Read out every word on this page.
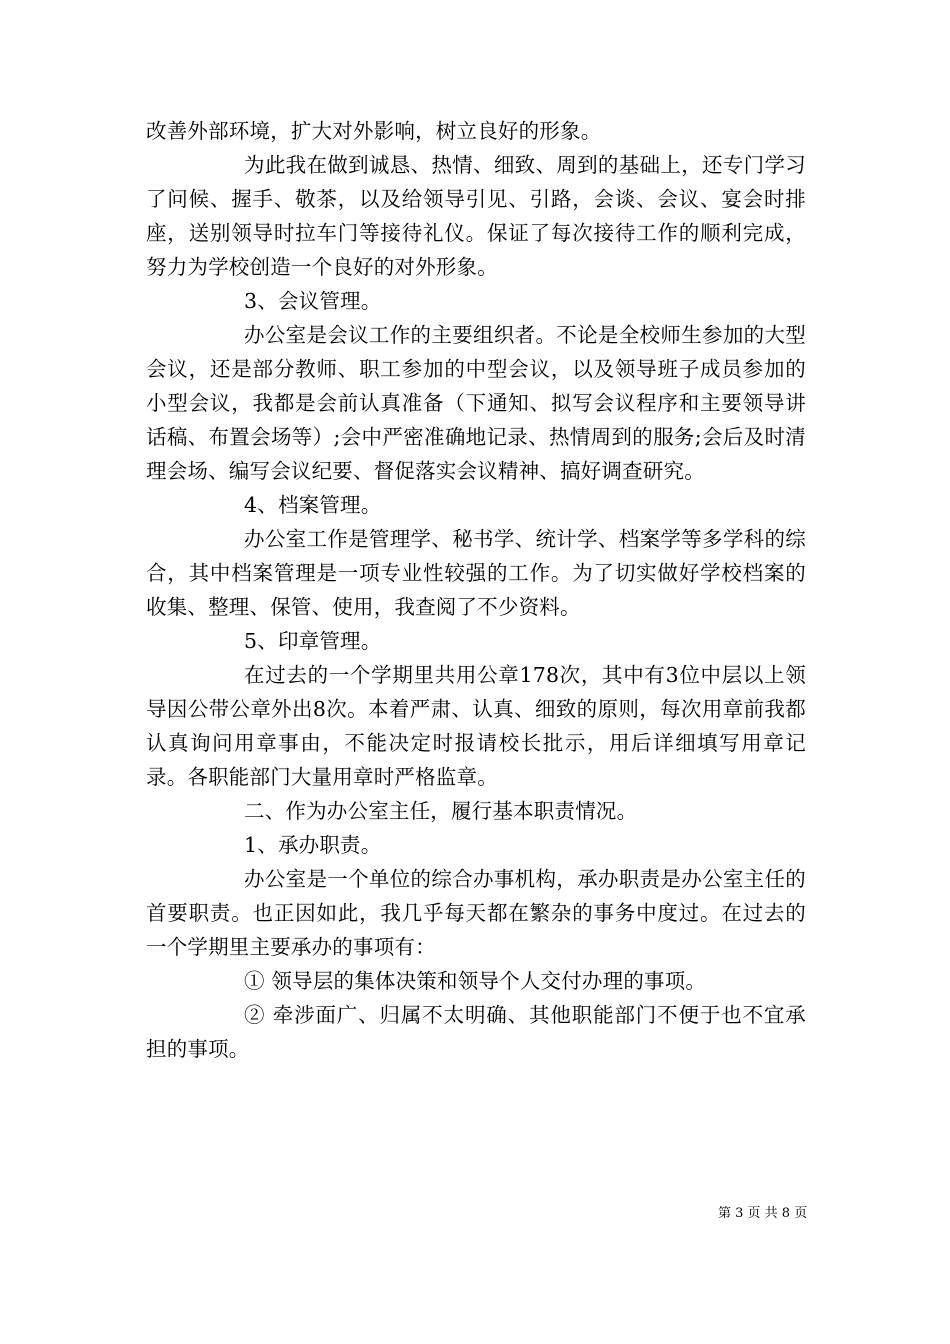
改善外部环境，扩大对外影响，树立良好的形象。

为此我在做到诚恳、热情、细致、周到的基础上，还专门学习了问候、握手、敬茶，以及给领导引见、引路，会谈、会议、宴会时排座，送别领导时拉车门等接待礼仪。保证了每次接待工作的顺利完成，努力为学校创造一个良好的对外形象。

3、会议管理。

办公室是会议工作的主要组织者。不论是全校师生参加的大型会议，还是部分教师、职工参加的中型会议，以及领导班子成员参加的小型会议，我都是会前认真准备（下通知、拟写会议程序和主要领导讲话稿、布置会场等）;会中严密准确地记录、热情周到的服务;会后及时清理会场、编写会议纪要、督促落实会议精神、搞好调查研究。

4、档案管理。

办公室工作是管理学、秘书学、统计学、档案学等多学科的综合，其中档案管理是一项专业性较强的工作。为了切实做好学校档案的收集、整理、保管、使用，我查阅了不少资料。

5、印章管理。

在过去的一个学期里共用公章178次，其中有3位中层以上领导因公带公章外出8次。本着严肃、认真、细致的原则，每次用章前我都认真询问用章事由，不能决定时报请校长批示，用后详细填写用章记录。各职能部门大量用章时严格监章。

二、作为办公室主任，履行基本职责情况。

1、承办职责。

办公室是一个单位的综合办事机构，承办职责是办公室主任的首要职责。也正因如此，我几乎每天都在繁杂的事务中度过。在过去的一个学期里主要承办的事项有：

① 领导层的集体决策和领导个人交付办理的事项。

② 牵涉面广、归属不太明确、其他职能部门不便于也不宜承担的事项。

第 3 页 共 8 页
